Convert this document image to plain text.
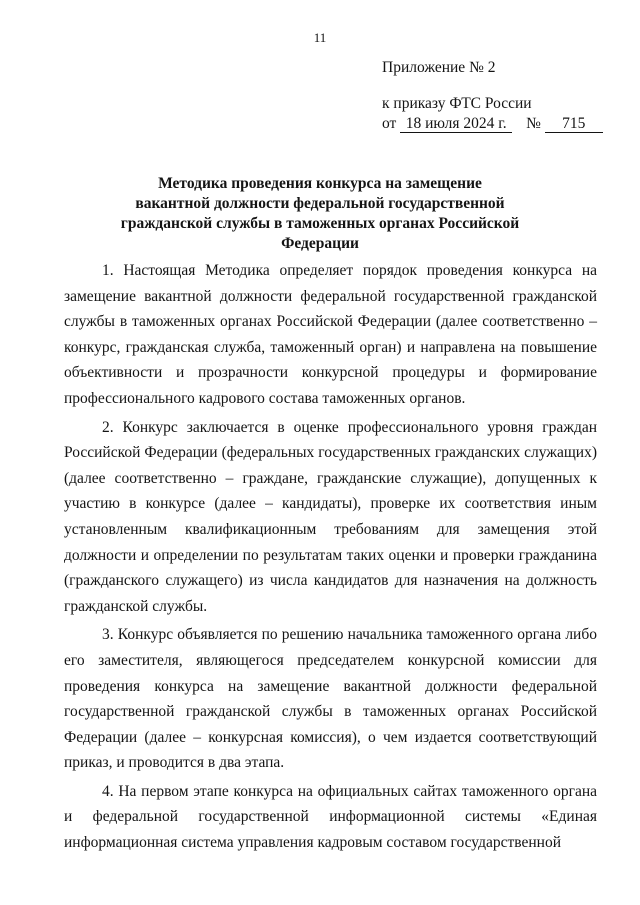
11
Приложение № 2
к приказу ФТС России
от 18 июля 2024 г. № 715
Методика проведения конкурса на замещение вакантной должности федеральной государственной гражданской службы в таможенных органах Российской Федерации

1. Настоящая Методика определяет порядок проведения конкурса на замещение вакантной должности федеральной государственной гражданской службы в таможенных органах Российской Федерации (далее соответственно – конкурс, гражданская служба, таможенный орган) и направлена на повышение объективности и прозрачности конкурсной процедуры и формирование профессионального кадрового состава таможенных органов.

2. Конкурс заключается в оценке профессионального уровня граждан Российской Федерации (федеральных государственных гражданских служащих) (далее соответственно – граждане, гражданские служащие), допущенных к участию в конкурсе (далее – кандидаты), проверке их соответствия иным установленным квалификационным требованиям для замещения этой должности и определении по результатам таких оценки и проверки гражданина (гражданского служащего) из числа кандидатов для назначения на должность гражданской службы.

3. Конкурс объявляется по решению начальника таможенного органа либо его заместителя, являющегося председателем конкурсной комиссии для проведения конкурса на замещение вакантной должности федеральной государственной гражданской службы в таможенных органах Российской Федерации (далее – конкурсная комиссия), о чем издается соответствующий приказ, и проводится в два этапа.

4. На первом этапе конкурса на официальных сайтах таможенного органа и федеральной государственной информационной системы «Единая информационная система управления кадровым составом государственной
